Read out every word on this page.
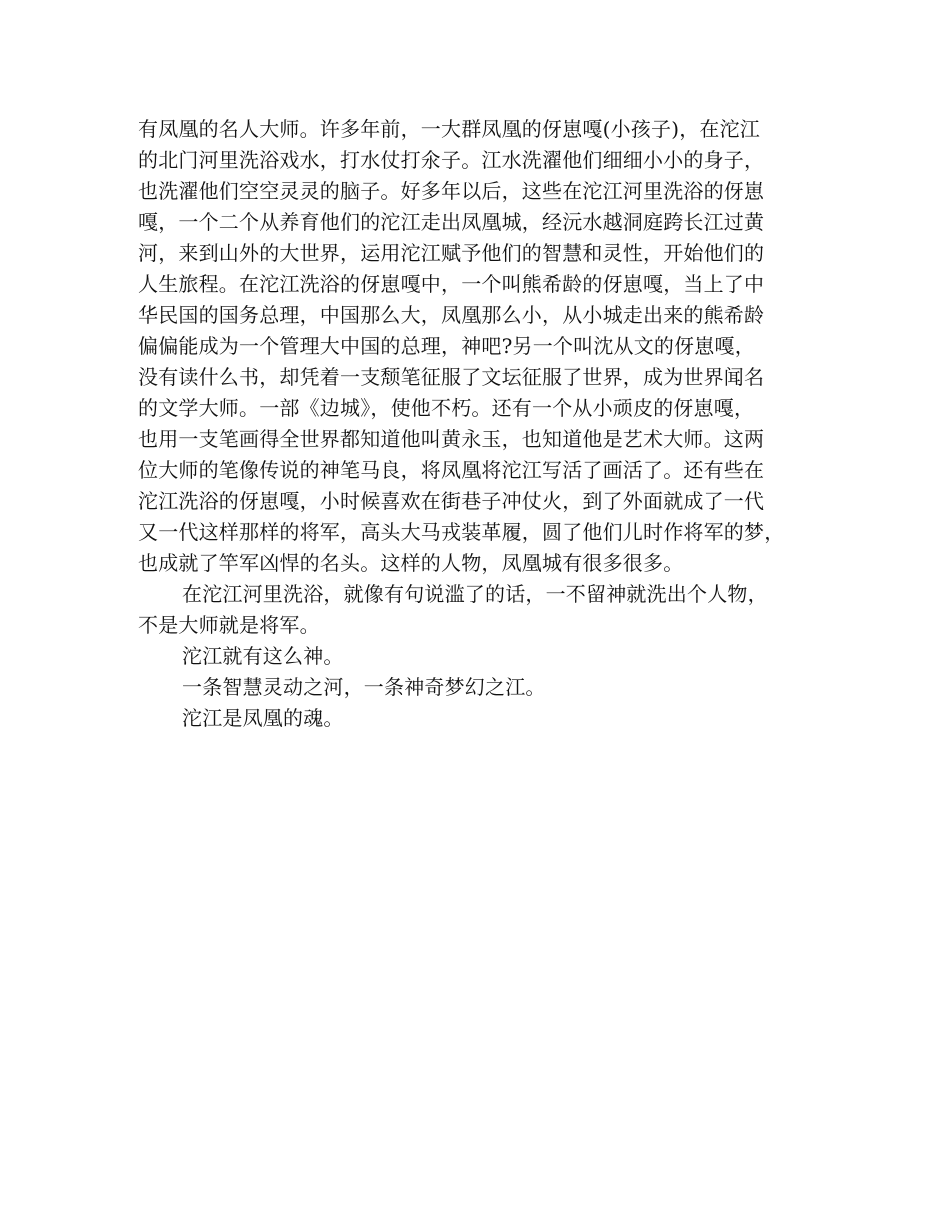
有凤凰的名人大师。许多年前，一大群凤凰的伢崽嘎(小孩子)，在沱江
的北门河里洗浴戏水，打水仗打氽子。江水洗濯他们细细小小的身子，
也洗濯他们空空灵灵的脑子。好多年以后，这些在沱江河里洗浴的伢崽
嘎，一个二个从养育他们的沱江走出凤凰城，经沅水越洞庭跨长江过黄
河，来到山外的大世界，运用沱江赋予他们的智慧和灵性，开始他们的
人生旅程。在沱江洗浴的伢崽嘎中，一个叫熊希龄的伢崽嘎，当上了中
华民国的国务总理，中国那么大，凤凰那么小，从小城走出来的熊希龄
偏偏能成为一个管理大中国的总理，神吧?另一个叫沈从文的伢崽嘎，
没有读什么书，却凭着一支颓笔征服了文坛征服了世界，成为世界闻名
的文学大师。一部《边城》，使他不朽。还有一个从小顽皮的伢崽嘎，
也用一支笔画得全世界都知道他叫黄永玉，也知道他是艺术大师。这两
位大师的笔像传说的神笔马良，将凤凰将沱江写活了画活了。还有些在
沱江洗浴的伢崽嘎，小时候喜欢在街巷子冲仗火，到了外面就成了一代
又一代这样那样的将军，高头大马戎装革履，圆了他们儿时作将军的梦，
也成就了竿军凶悍的名头。这样的人物，凤凰城有很多很多。
在沱江河里洗浴，就像有句说滥了的话，一不留神就洗出个人物，
不是大师就是将军。
沱江就有这么神。
一条智慧灵动之河，一条神奇梦幻之江。
沱江是凤凰的魂。
